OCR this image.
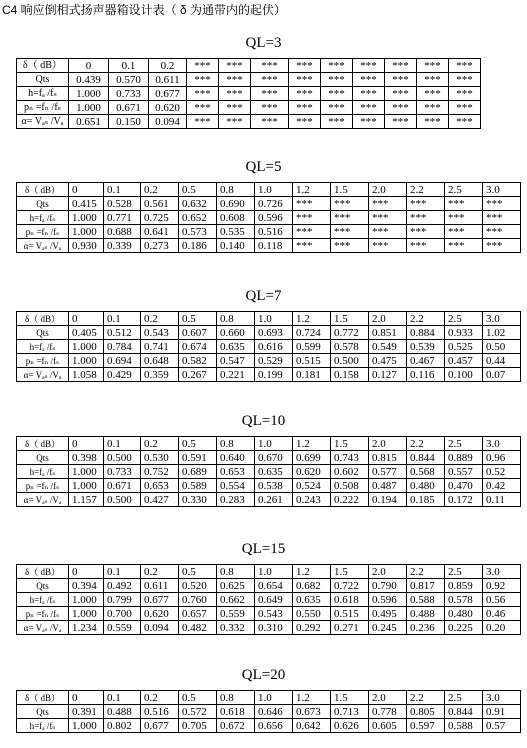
C4 响应倒相式扬声器箱设计表（ δ 为通带内的起伏）
QL=3
δ（ dB）	0	0.1	0.2	***	***	***	***	***	***	***	***	***
Qts	0.439	0.570	0.611	***	***	***	***	***	***	***	***	***
h=fₐ /fₛ	1.000	0.733	0.677	***	***	***	***	***	***	***	***	***
pₙ =fₙ /fₛ	1.000	0.671	0.620	***	***	***	***	***	***	***	***	***
α= Vₐₛ /Vₐ	0.651	0.150	0.094	***	***	***	***	***	***	***	***	***
QL=5
δ（ dB）	0	0.1	0.2	0.5	0.8	1.0	1.2	1.5	2.0	2.2	2.5	3.0
Qts	0.415	0.528	0.561	0.632	0.690	0.726	***	***	***	***	***	***
h=fₐ /fₛ	1.000	0.771	0.725	0.652	0.608	0.596	***	***	***	***	***	***
pₙ =fₙ /fₛ	1.000	0.688	0.641	0.573	0.535	0.516	***	***	***	***	***	***
α= Vₐₛ /Vₐ	0.930	0.339	0.273	0.186	0.140	0.118	***	***	***	***	***	***
QL=7
δ（ dB）	0	0.1	0.2	0.5	0.8	1.0	1.2	1.5	2.0	2.2	2.5	3.0
Qts	0.405	0.512	0.543	0.607	0.660	0.693	0.724	0.772	0.851	0.884	0.933	1.02
h=fₐ /fₛ	1.000	0.784	0.741	0.674	0.635	0.616	0.599	0.578	0.549	0.539	0.525	0.50
pₙ =fₙ /fₛ	1.000	0.694	0.648	0.582	0.547	0.529	0.515	0.500	0.475	0.467	0.457	0.44
α= Vₐₛ /Vₐ	1.058	0.429	0.359	0.267	0.221	0.199	0.181	0.158	0.127	0.116	0.100	0.07
QL=10
δ（ dB）	0	0.1	0.2	0.5	0.8	1.0	1.2	1.5	2.0	2.2	2.5	3.0
Qts	0.398	0.500	0.530	0.591	0.640	0.670	0.699	0.743	0.815	0.844	0.889	0.96
h=fₐ /fₛ	1.000	0.733	0.752	0.689	0.653	0.635	0.620	0.602	0.577	0.568	0.557	0.52
pₙ =fₙ /fₛ	1.000	0.671	0.653	0.589	0.554	0.538	0.524	0.508	0.487	0.480	0.470	0.42
α= Vₐₛ /Vₐ	1.157	0.500	0.427	0.330	0.283	0.261	0.243	0.222	0.194	0.185	0.172	0.11
QL=15
δ（ dB）	0	0.1	0.2	0.5	0.8	1.0	1.2	1.5	2.0	2.2	2.5	3.0
Qts	0.394	0.492	0.611	0.520	0.625	0.654	0.682	0.722	0.790	0.817	0.859	0.92
h=fₐ /fₛ	1.000	0.799	0.677	0.760	0.662	0.649	0.635	0.618	0.596	0.588	0.578	0.56
pₙ =fₙ /fₛ	1.000	0.700	0.620	0.657	0.559	0.543	0.550	0.515	0.495	0.488	0.480	0.46
α= Vₐₛ /Vₐ	1.234	0.559	0.094	0.482	0.332	0.310	0.292	0.271	0.245	0.236	0.225	0.20
QL=20
δ（ dB）	0	0.1	0.2	0.5	0.8	1.0	1.2	1.5	2.0	2.2	2.5	3.0
Qts	0.391	0.488	0.516	0.572	0.618	0.646	0.673	0.713	0.778	0.805	0.844	0.91
h=fₐ /fₛ	1.000	0.802	0.677	0.705	0.672	0.656	0.642	0.626	0.605	0.597	0.588	0.57
